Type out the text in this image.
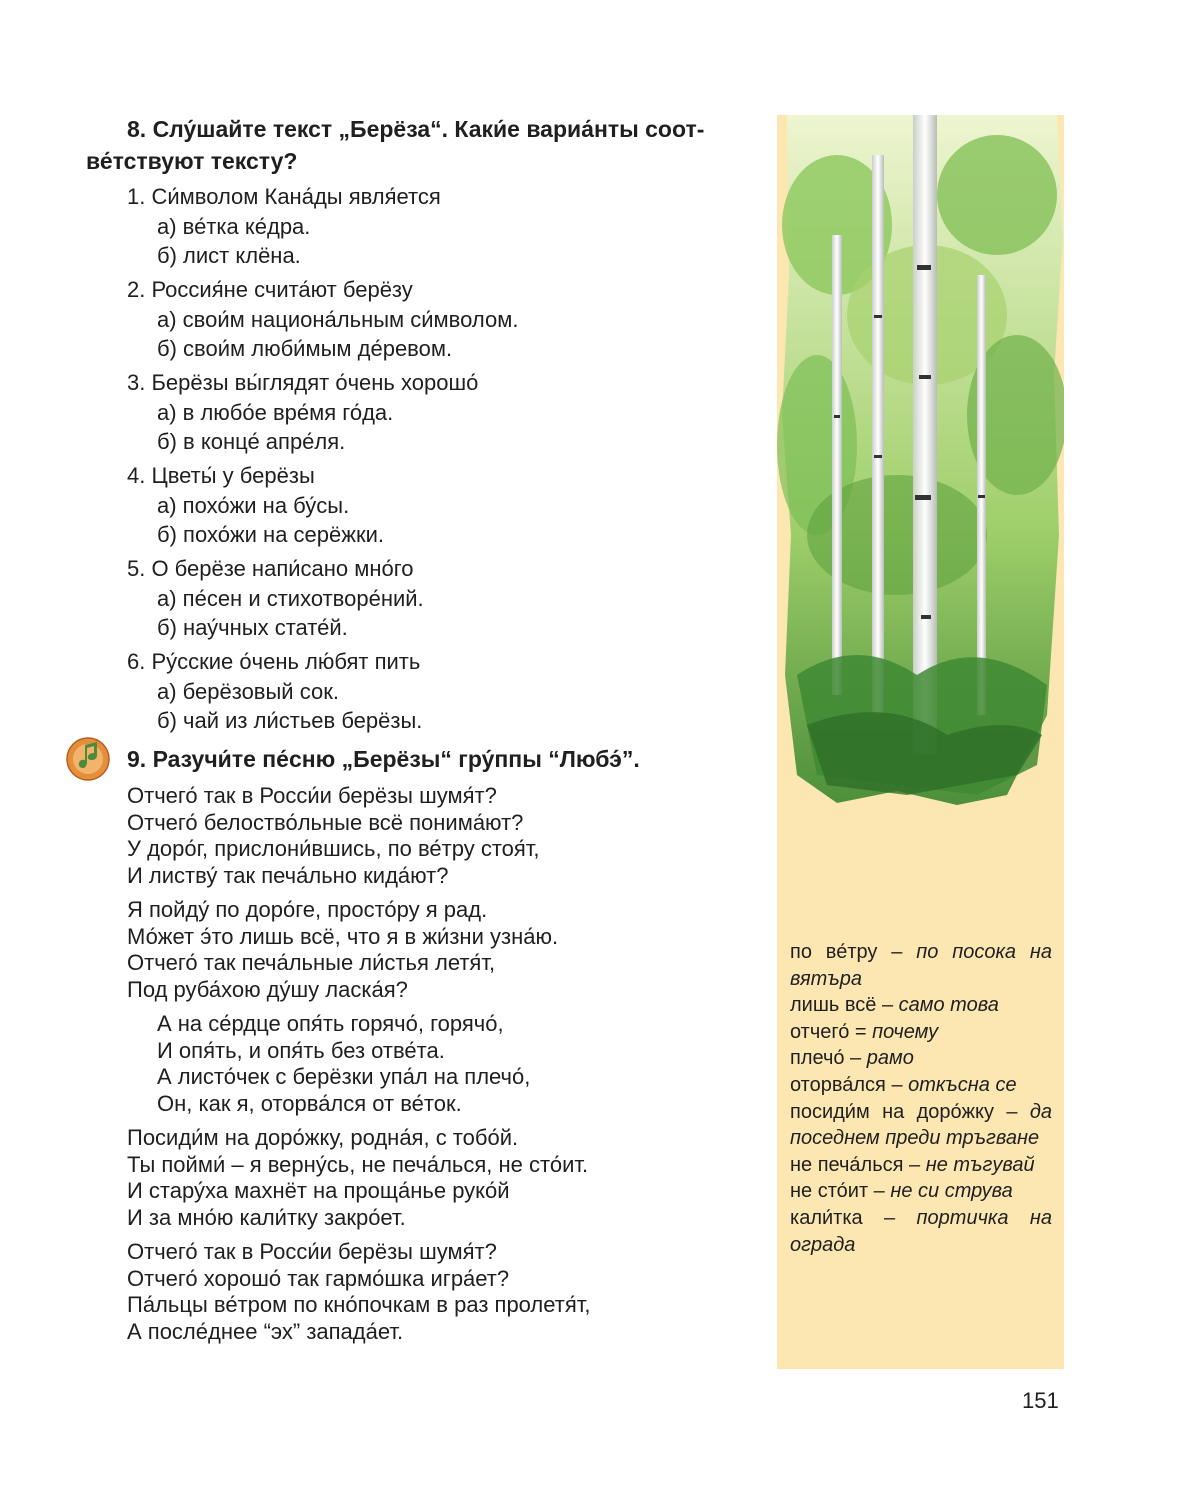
8. Слу́шайте текст „Берёза“. Каки́е вариа́нты соот-
ве́тствуют тексту?

1. Си́мволом Кана́ды явля́ется
а) ве́тка ке́дра.
б) лист клёна.
2. Россия́не счита́ют берёзу
а) свои́м национа́льным си́мволом.
б) свои́м люби́мым де́ревом.
3. Берёзы вы́глядят о́чень хорошо́
а) в любо́е вре́мя го́да.
б) в конце́ апре́ля.
4. Цветы́ у берёзы
а) похо́жи на бу́сы.
б) похо́жи на серёжки.
5. О берёзе напи́сано мно́го
а) пе́сен и стихотворе́ний.
б) нау́чных стате́й.
6. Ру́сские о́чень лю́бят пить
а) берёзовый сок.
б) чай из ли́стьев берёзы.

9. Разучи́те пе́сню „Берёзы“ гру́ппы “Любэ́”.

Отчего́ так в Росси́и берёзы шумя́т?
Отчего́ белоство́льные всё понима́ют?
У доро́г, прислони́вшись, по ве́тру стоя́т,
И листву́ так печа́льно кида́ют?
Я пойду́ по доро́ге, просто́ру я рад.
Мо́жет э́то лишь всё, что я в жи́зни узна́ю.
Отчего́ так печа́льные ли́стья летя́т,
Под руба́хою ду́шу ласка́я?
А на се́рдце опя́ть горячо́, горячо́,
И опя́ть, и опя́ть без отве́та.
А листо́чек с берёзки упа́л на плечо́,
Он, как я, оторва́лся от ве́ток.
Посиди́м на доро́жку, родна́я, с тобо́й.
Ты пойми́ – я верну́сь, не печа́лься, не сто́ит.
И стару́ха махнёт на проща́нье руко́й
И за мно́ю кали́тку закро́ет.
Отчего́ так в Росси́и берёзы шумя́т?
Отчего́ хорошо́ так гармо́шка игра́ет?
Па́льцы ве́тром по кно́почкам в раз пролетя́т,
А после́днее “эх” запада́ет.
по ве́тру – по посока на вятъра
лишь всё – само това
отчего́ = почему
плечо́ – рамо
оторва́лся – откъсна се
посиди́м на доро́жку – да поседнем преди тръгване
не печа́лься – не тъгувай
не сто́ит – не си струва
кали́тка – портичка на ограда
151
